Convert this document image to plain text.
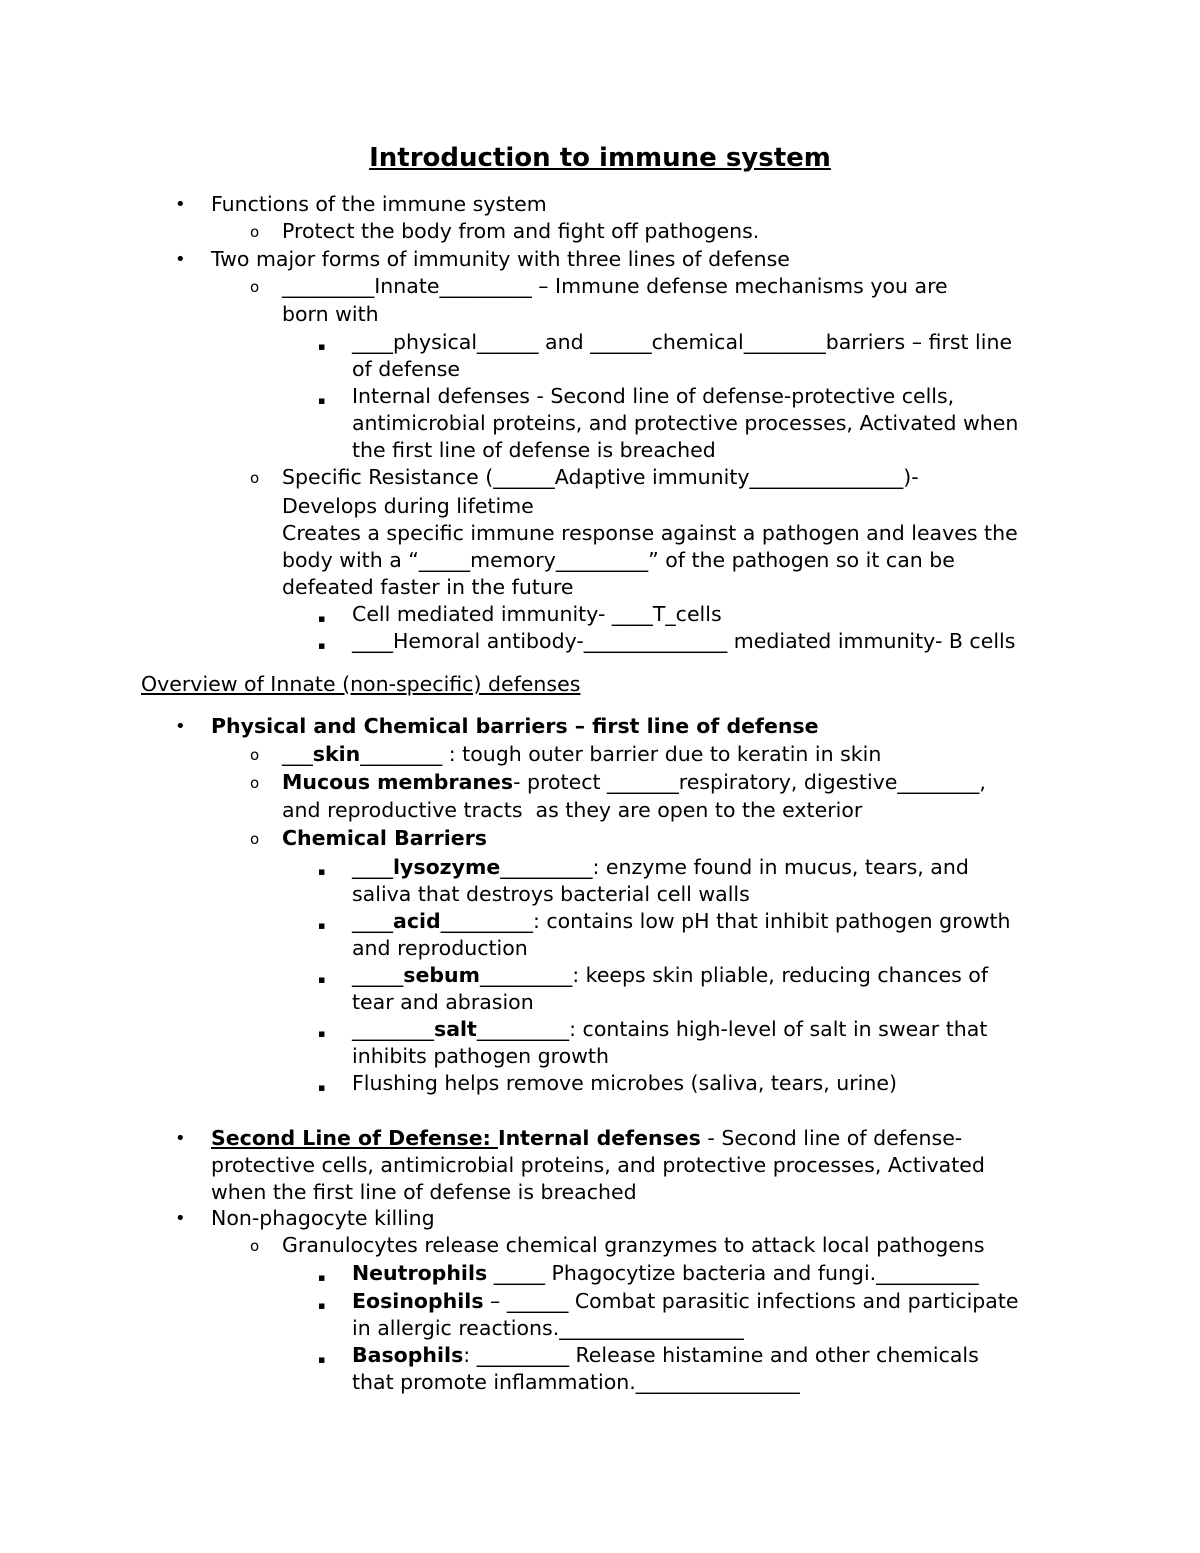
Introduction to immune system
• Functions of the immune system
o Protect the body from and fight off pathogens.
• Two major forms of immunity with three lines of defense
o _________Innate_________ – Immune defense mechanisms you are
born with
▪ ____physical______ and ______chemical________barriers – first line
of defense
▪ Internal defenses - Second line of defense-protective cells,
antimicrobial proteins, and protective processes, Activated when
the first line of defense is breached
o Specific Resistance (______Adaptive immunity_______________)-
Develops during lifetime
Creates a specific immune response against a pathogen and leaves the
body with a “_____memory_________” of the pathogen so it can be
defeated faster in the future
▪ Cell mediated immunity- ____T_cells
▪ ____Hemoral antibody-______________ mediated immunity- B cells
Overview of Innate (non-specific) defenses
• Physical and Chemical barriers – first line of defense
o ___skin________ : tough outer barrier due to keratin in skin
o Mucous membranes- protect _______respiratory, digestive________,
and reproductive tracts  as they are open to the exterior
o Chemical Barriers
▪ ____lysozyme_________: enzyme found in mucus, tears, and
saliva that destroys bacterial cell walls
▪ ____acid_________: contains low pH that inhibit pathogen growth
and reproduction
▪ _____sebum_________: keeps skin pliable, reducing chances of
tear and abrasion
▪ ________salt_________: contains high-level of salt in swear that
inhibits pathogen growth
▪ Flushing helps remove microbes (saliva, tears, urine)
• Second Line of Defense: Internal defenses - Second line of defense-
protective cells, antimicrobial proteins, and protective processes, Activated
when the first line of defense is breached
• Non-phagocyte killing
o Granulocytes release chemical granzymes to attack local pathogens
▪ Neutrophils _____ Phagocytize bacteria and fungi.__________
▪ Eosinophils – ______ Combat parasitic infections and participate
in allergic reactions.__________________
▪ Basophils: _________ Release histamine and other chemicals
that promote inflammation.________________
